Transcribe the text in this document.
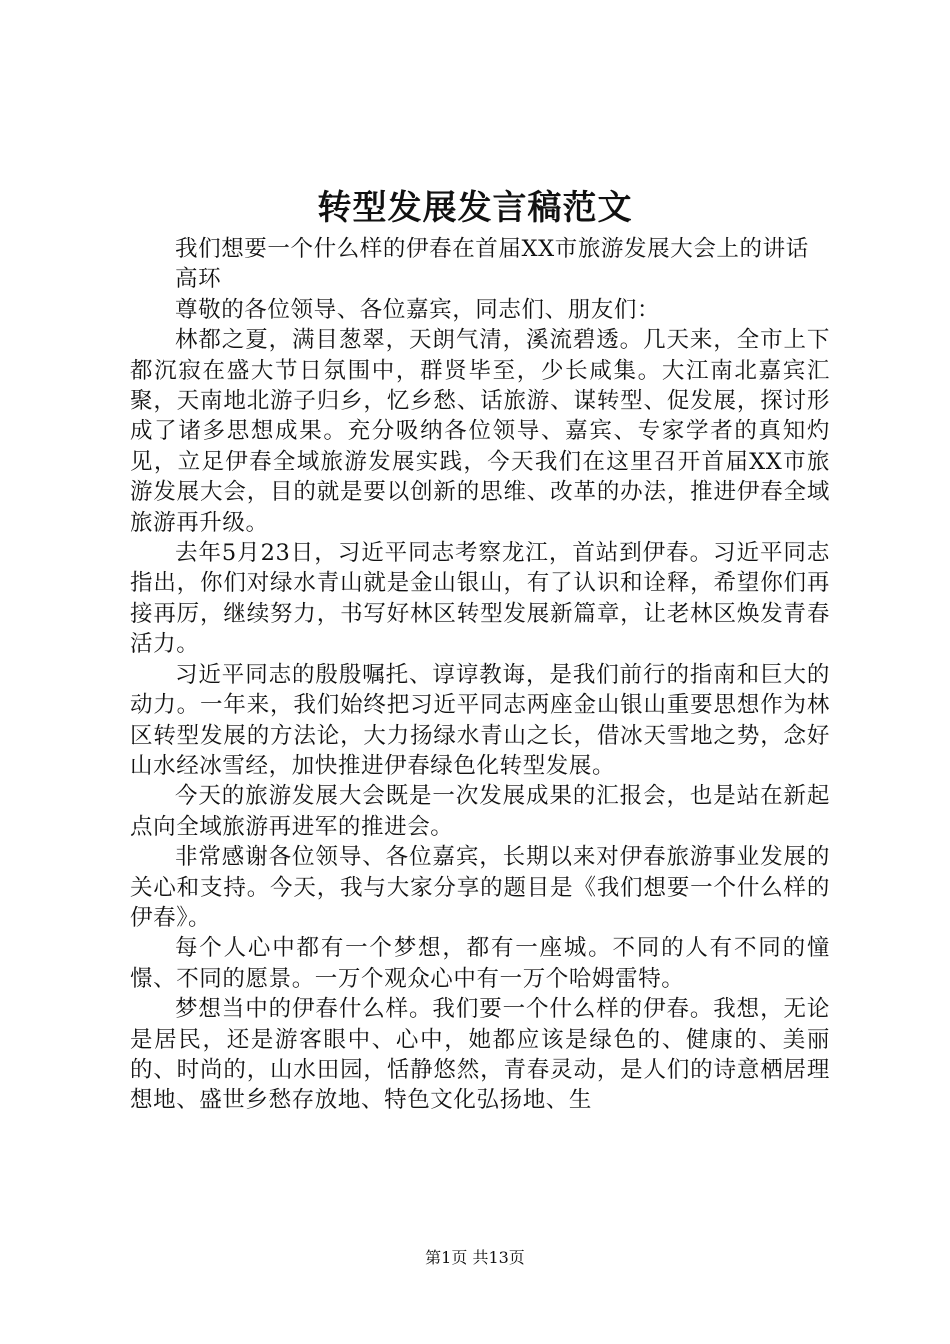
转型发展发言稿范文

我们想要一个什么样的伊春在首届XX市旅游发展大会上的讲话

高环

尊敬的各位领导、各位嘉宾，同志们、朋友们：

林都之夏，满目葱翠，天朗气清，溪流碧透。几天来，全市上下都沉寂在盛大节日氛围中，群贤毕至，少长咸集。大江南北嘉宾汇聚，天南地北游子归乡，忆乡愁、话旅游、谋转型、促发展，探讨形成了诸多思想成果。充分吸纳各位领导、嘉宾、专家学者的真知灼见，立足伊春全域旅游发展实践，今天我们在这里召开首届XX市旅游发展大会，目的就是要以创新的思维、改革的办法，推进伊春全域旅游再升级。

去年5月23日，习近平同志考察龙江，首站到伊春。习近平同志指出，你们对绿水青山就是金山银山，有了认识和诠释，希望你们再接再厉，继续努力，书写好林区转型发展新篇章，让老林区焕发青春活力。

习近平同志的殷殷嘱托、谆谆教诲，是我们前行的指南和巨大的动力。一年来，我们始终把习近平同志两座金山银山重要思想作为林区转型发展的方法论，大力扬绿水青山之长，借冰天雪地之势，念好山水经冰雪经，加快推进伊春绿色化转型发展。

今天的旅游发展大会既是一次发展成果的汇报会，也是站在新起点向全域旅游再进军的推进会。

非常感谢各位领导、各位嘉宾，长期以来对伊春旅游事业发展的关心和支持。今天，我与大家分享的题目是《我们想要一个什么样的伊春》。

每个人心中都有一个梦想，都有一座城。不同的人有不同的憧憬、不同的愿景。一万个观众心中有一万个哈姆雷特。

梦想当中的伊春什么样。我们要一个什么样的伊春。我想，无论是居民，还是游客眼中、心中，她都应该是绿色的、健康的、美丽的、时尚的，山水田园，恬静悠然，青春灵动，是人们的诗意栖居理想地、盛世乡愁存放地、特色文化弘扬地、生

第1页 共13页
